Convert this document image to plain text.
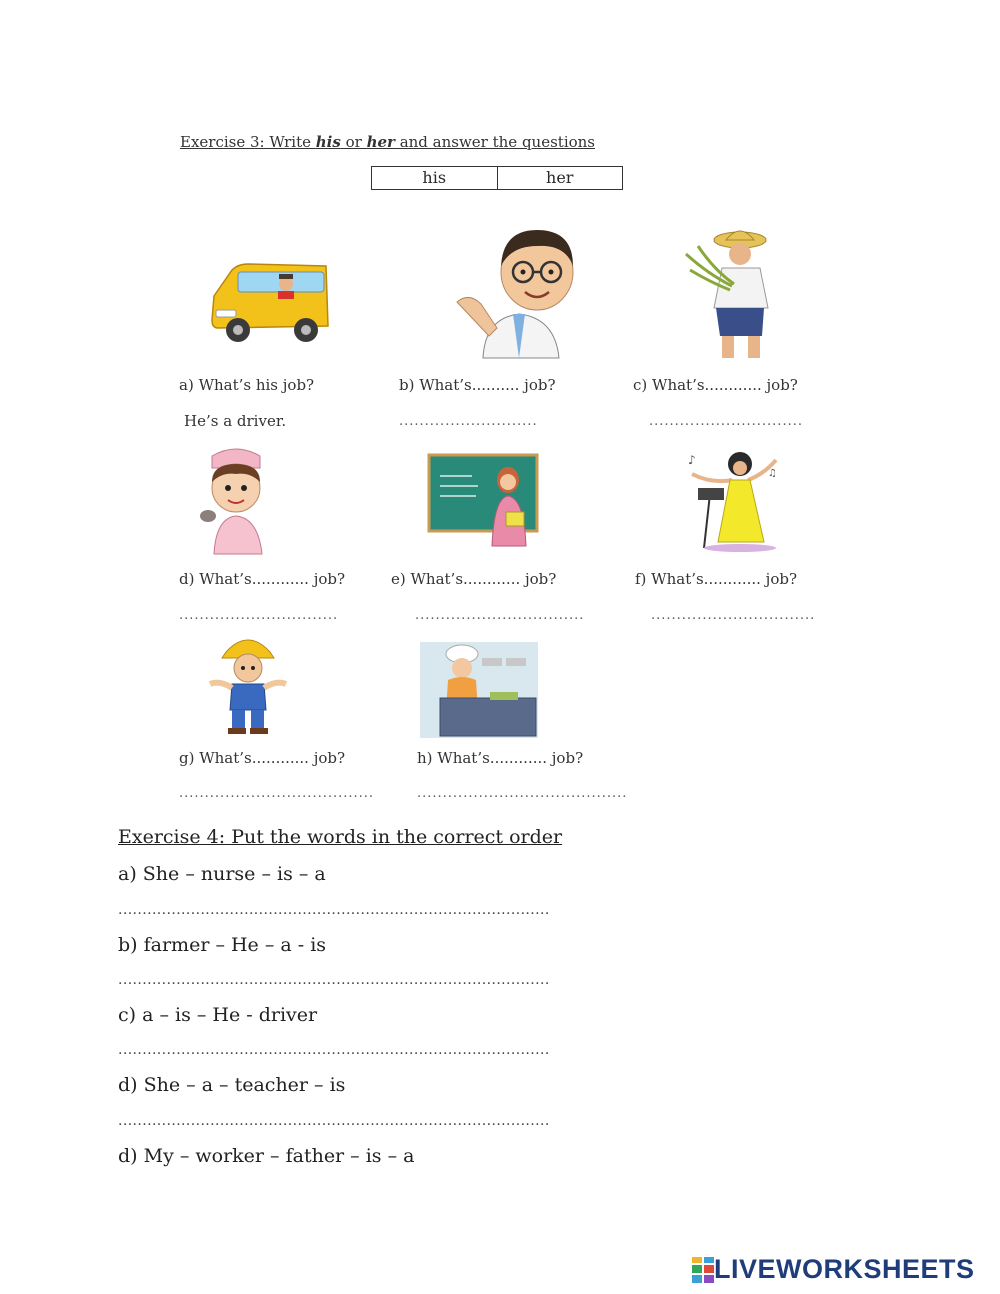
Exercise 3: Write his or her and answer the questions
his	her
♪
♫
a) What’s his job?
He’s a driver.
b) What’s.......... job?
...........................
c) What’s............ job?
..............................
d) What’s............ job?
...............................
e) What’s............ job?
.................................
f) What’s............ job?
................................
g) What’s............ job?
......................................
h) What’s............ job?
.........................................
Exercise 4: Put the words in the correct order
a) She – nurse – is – a
.........................................................................................
b) farmer – He – a - is
.........................................................................................
c) a – is – He - driver
.........................................................................................
d) She – a – teacher – is
.........................................................................................
d) My – worker – father – is – a
LIVEWORKSHEETS
